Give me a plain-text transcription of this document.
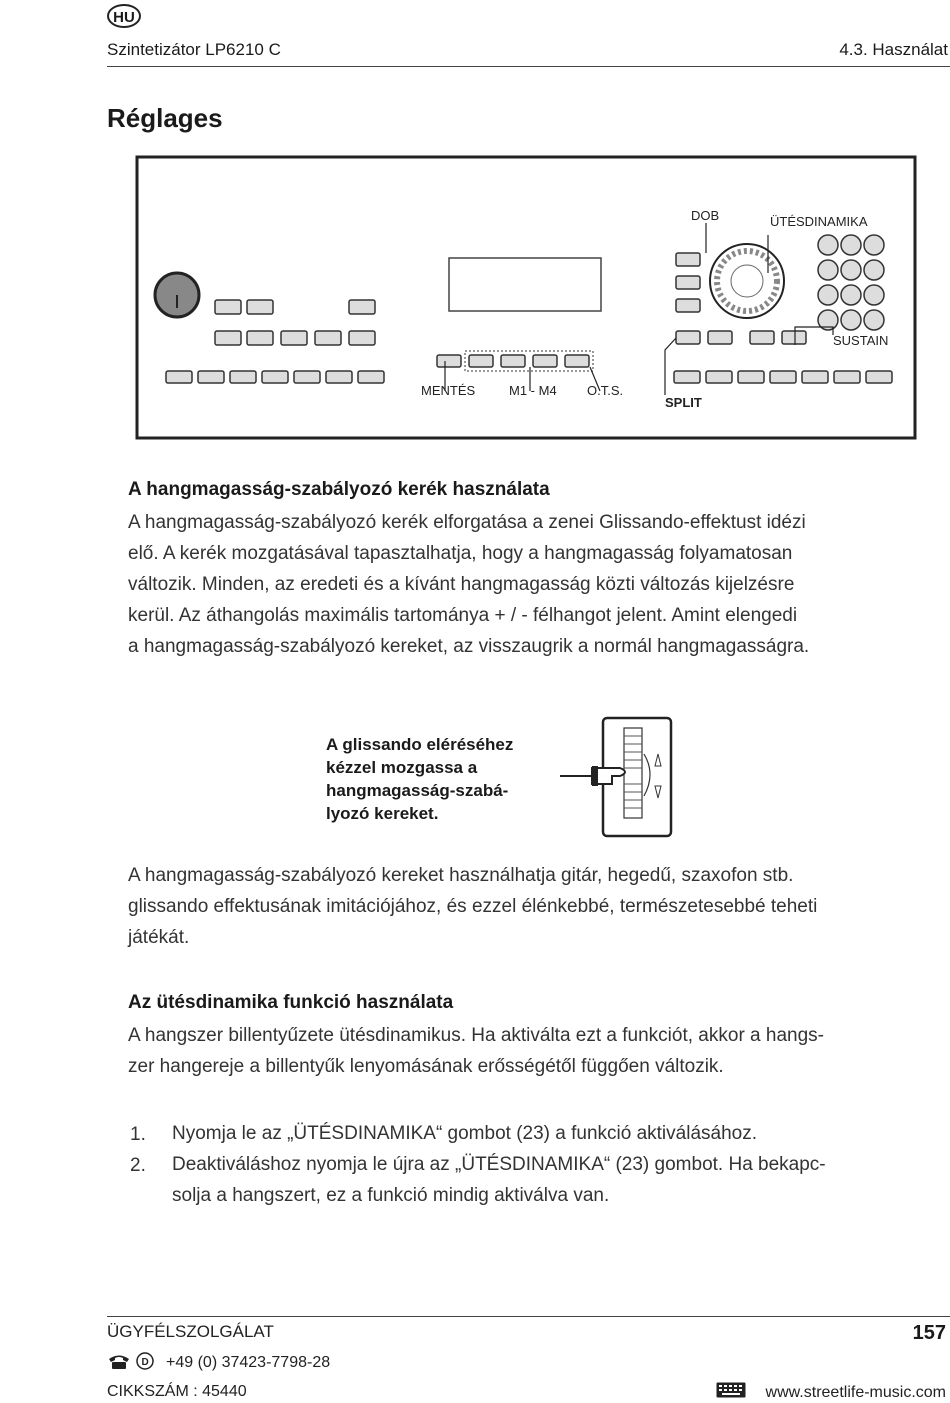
HU
Szintetizátor LP6210 C	4.3. Használat
Réglages
DOB	ÜTÉSDINAMIKA
SUSTAIN
MENTÉS	M1 - M4 O.T.S.
SPLIT
A hangmagasság-szabályozó kerék használata
A hangmagasság-szabályozó kerék elforgatása a zenei Glissando-effektust idézi
elő. A kerék mozgatásával tapasztalhatja, hogy a hangmagasság folyamatosan
változik. Minden, az eredeti és a kívánt hangmagasság közti változás kijelzésre
kerül. Az áthangolás maximális tartománya + / - félhangot jelent. Amint elengedi
a hangmagasság-szabályozó kereket, az visszaugrik a normál hangmagasságra.
A glissando eléréséhez
kézzel mozgassa a
hangmagasság-szabá-
lyozó kereket.
A hangmagasság-szabályozó kereket használhatja gitár, hegedű, szaxofon stb.
glissando effektusának imitációjához, és ezzel élénkebbé, természetesebbé teheti
játékát.
Az ütésdinamika funkció használata
A hangszer billentyűzete ütésdinamikus. Ha aktiválta ezt a funkciót, akkor a hangs-
zer hangereje a billentyűk lenyomásának erősségétől függően változik.
1. Nyomja le az „ÜTÉSDINAMIKA“ gombot (23) a funkció aktiválásához.
2. Deaktiváláshoz nyomja le újra az „ÜTÉSDINAMIKA“ (23) gombot. Ha bekapc-
solja a hangszert, ez a funkció mindig aktiválva van.
ÜGYFÉLSZOLGÁLAT	157
D +49 (0) 37423-7798-28
CIKKSZÁM : 45440	www.streetlife-music.com
